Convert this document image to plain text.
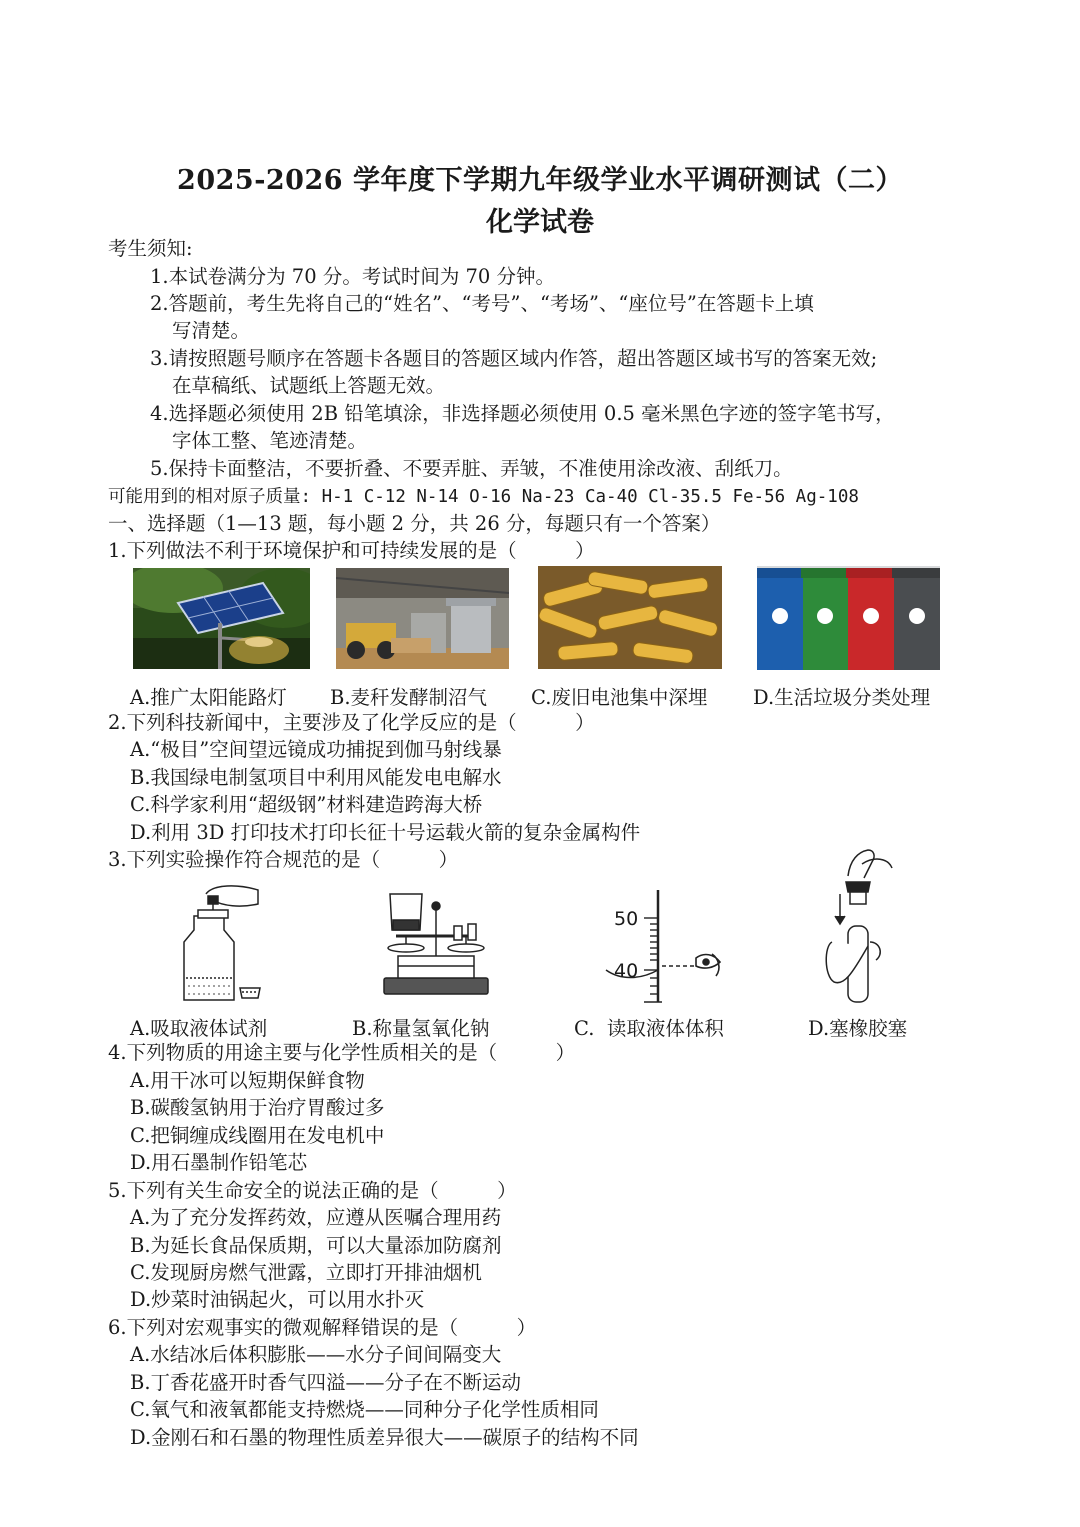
2025-2026 学年度下学期九年级学业水平调研测试（二）
化学试卷
考生须知:
1.本试卷满分为 70 分。考试时间为 70 分钟。
2.答题前，考生先将自己的“姓名”、“考号”、“考场”、“座位号”在答题卡上填
写清楚。
3.请按照题号顺序在答题卡各题目的答题区域内作答，超出答题区域书写的答案无效;
在草稿纸、试题纸上答题无效。
4.选择题必须使用 2B 铅笔填涂，非选择题必须使用 0.5 毫米黑色字迹的签字笔书写，
字体工整、笔迹清楚。
5.保持卡面整洁，不要折叠、不要弄脏、弄皱，不准使用涂改液、刮纸刀。
可能用到的相对原子质量: H-1 C-12 N-14 O-16 Na-23 Ca-40 Cl-35.5 Fe-56 Ag-108
一、选择题（1—13 题，每小题 2 分，共 26 分，每题只有一个答案）
1.下列做法不利于环境保护和可持续发展的是（　　　）
A.推广太阳能路灯 B.麦秆发酵制沼气 C.废旧电池集中深埋 D.生活垃圾分类处理
2.下列科技新闻中，主要涉及了化学反应的是（　　　）
A.“极目”空间望远镜成功捕捉到伽马射线暴
B.我国绿电制氢项目中利用风能发电电解水
C.科学家利用“超级钢”材料建造跨海大桥
D.利用 3D 打印技术打印长征十号运载火箭的复杂金属构件
3.下列实验操作符合规范的是（　　　）
50
40
A.吸取液体试剂	B.称量氢氧化钠	C.  读取液体体积	D.塞橡胶塞
4.下列物质的用途主要与化学性质相关的是（　　　）
A.用干冰可以短期保鲜食物
B.碳酸氢钠用于治疗胃酸过多
C.把铜缠成线圈用在发电机中
D.用石墨制作铅笔芯
5.下列有关生命安全的说法正确的是（　　　）
A.为了充分发挥药效，应遵从医嘱合理用药
B.为延长食品保质期，可以大量添加防腐剂
C.发现厨房燃气泄露，立即打开排油烟机
D.炒菜时油锅起火，可以用水扑灭
6.下列对宏观事实的微观解释错误的是（　　　）
A.水结冰后体积膨胀——水分子间间隔变大
B.丁香花盛开时香气四溢——分子在不断运动
C.氧气和液氧都能支持燃烧——同种分子化学性质相同
D.金刚石和石墨的物理性质差异很大——碳原子的结构不同
